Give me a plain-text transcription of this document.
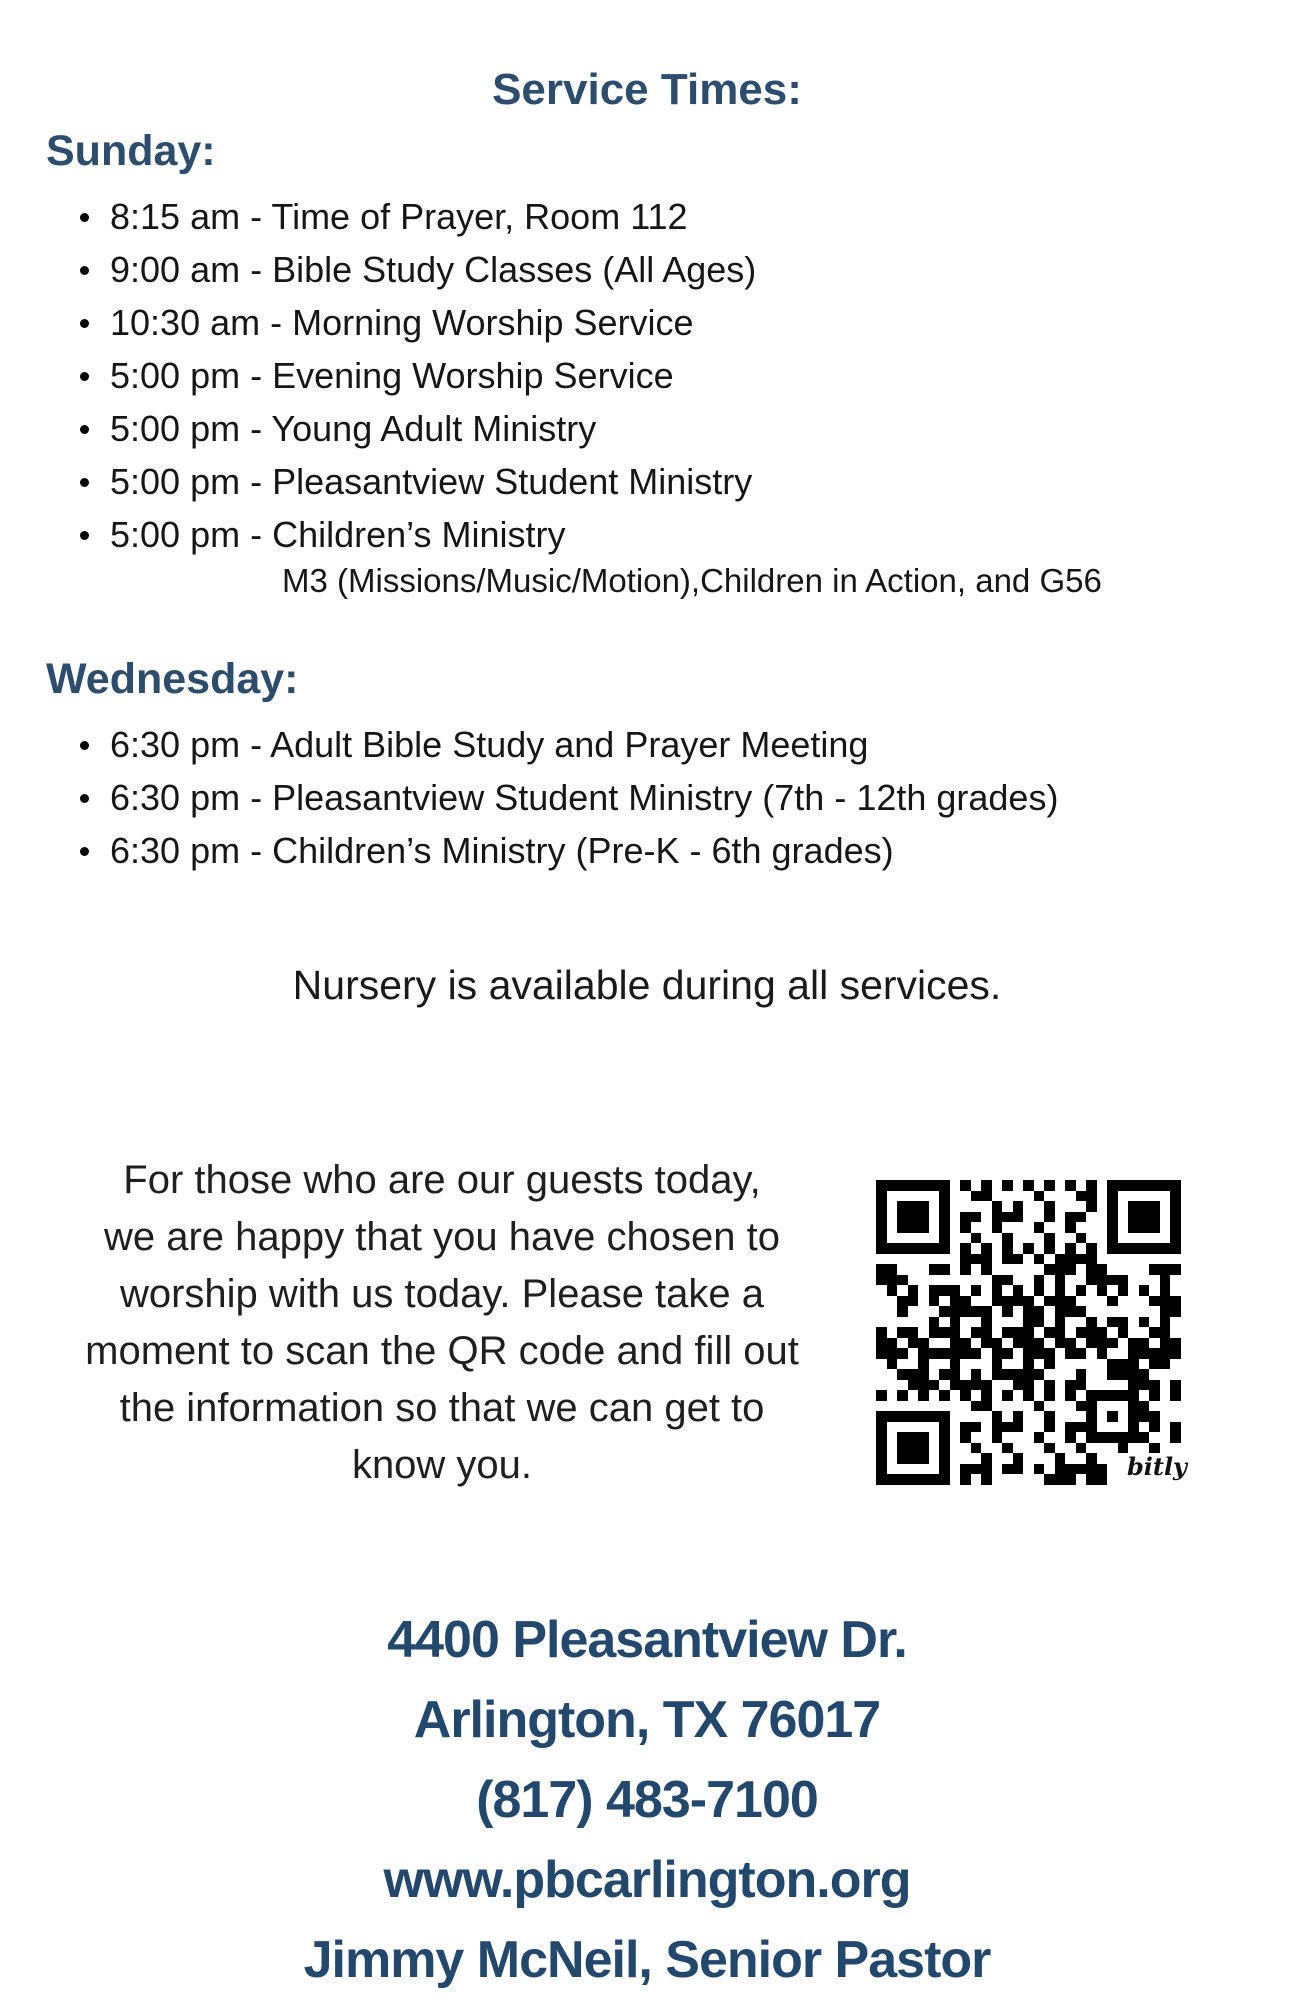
Service Times:
Sunday:
8:15 am - Time of Prayer, Room 112
9:00 am - Bible Study Classes (All Ages)
10:30 am - Morning Worship Service
5:00 pm - Evening Worship Service
5:00 pm - Young Adult Ministry
5:00 pm - Pleasantview Student Ministry
5:00 pm - Children’s Ministry
M3 (Missions/Music/Motion),Children in Action, and G56
Wednesday:
6:30 pm - Adult Bible Study and Prayer Meeting
6:30 pm - Pleasantview Student Ministry (7th - 12th grades)
6:30 pm - Children’s Ministry (Pre-K - 6th grades)
Nursery is available during all services.
For those who are our guests today,
we are happy that you have chosen to
worship with us today. Please take a
moment to scan the QR code and fill out
the information so that we can get to
know you.	bitly
4400 Pleasantview Dr.
Arlington, TX 76017
(817) 483-7100
www.pbcarlington.org
Jimmy McNeil, Senior Pastor
